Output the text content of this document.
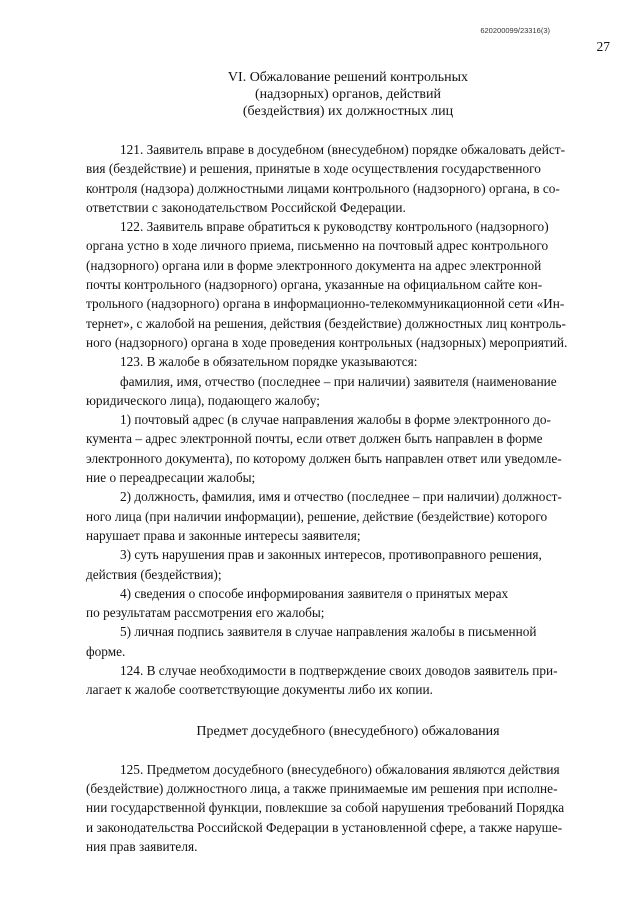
620200099/23316(3)
27
VI. Обжалование решений контрольных
(надзорных) органов, действий
(бездействия) их должностных лиц

121. Заявитель вправе в досудебном (внесудебном) порядке обжаловать дейст-
вия (бездействие) и решения, принятые в ходе осуществления государственного
контроля (надзора) должностными лицами контрольного (надзорного) органа, в со-
ответствии с законодательством Российской Федерации.

122. Заявитель вправе обратиться к руководству контрольного (надзорного)
органа устно в ходе личного приема, письменно на почтовый адрес контрольного
(надзорного) органа или в форме электронного документа на адрес электронной
почты контрольного (надзорного) органа, указанные на официальном сайте кон-
трольного (надзорного) органа в информационно-телекоммуникационной сети «Ин-
тернет», с жалобой на решения, действия (бездействие) должностных лиц контроль-
ного (надзорного) органа в ходе проведения контрольных (надзорных) мероприятий.

123. В жалобе в обязательном порядке указываются:

фамилия, имя, отчество (последнее – при наличии) заявителя (наименование
юридического лица), подающего жалобу;

1) почтовый адрес (в случае направления жалобы в форме электронного до-
кумента – адрес электронной почты, если ответ должен быть направлен в форме
электронного документа), по которому должен быть направлен ответ или уведомле-
ние о переадресации жалобы;

2) должность, фамилия, имя и отчество (последнее – при наличии) должност-
ного лица (при наличии информации), решение, действие (бездействие) которого
нарушает права и законные интересы заявителя;

3) суть нарушения прав и законных интересов, противоправного решения,
действия (бездействия);

4) сведения о способе информирования заявителя о принятых мерах
по результатам рассмотрения его жалобы;

5) личная подпись заявителя в случае направления жалобы в письменной
форме.

124. В случае необходимости в подтверждение своих доводов заявитель при-
лагает к жалобе соответствующие документы либо их копии.

Предмет досудебного (внесудебного) обжалования

125. Предметом досудебного (внесудебного) обжалования являются действия
(бездействие) должностного лица, а также принимаемые им решения при исполне-
нии государственной функции, повлекшие за собой нарушения требований Порядка
и законодательства Российской Федерации в установленной сфере, а также наруше-
ния прав заявителя.
